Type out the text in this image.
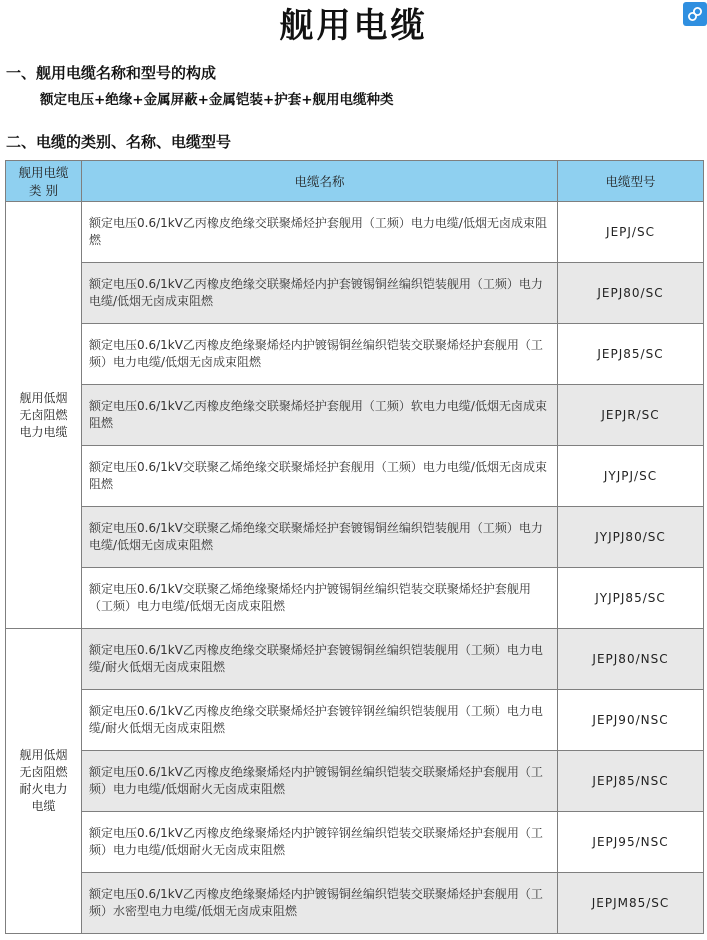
舰用电缆
一、舰用电缆名称和型号的构成
额定电压+绝缘+金属屏蔽+金属铠装+护套+舰用电缆种类
二、电缆的类别、名称、电缆型号
舰用电缆
类 别	电缆名称	电缆型号
舰用低烟
无卤阻燃
电力电缆	额定电压0.6/1kV乙丙橡皮绝缘交联聚烯烃护套舰用（工频）电力电缆/低烟无卤成束阻燃	JEPJ/SC
	额定电压0.6/1kV乙丙橡皮绝缘交联聚烯烃内护套镀锡铜丝编织铠装舰用（工频）电力电缆/低烟无卤成束阻燃	JEPJ80/SC
	额定电压0.6/1kV乙丙橡皮绝缘聚烯烃内护镀锡铜丝编织铠装交联聚烯烃护套舰用（工频）电力电缆/低烟无卤成束阻燃	JEPJ85/SC
	额定电压0.6/1kV乙丙橡皮绝缘交联聚烯烃护套舰用（工频）软电力电缆/低烟无卤成束阻燃	JEPJR/SC
	额定电压0.6/1kV交联聚乙烯绝缘交联聚烯烃护套舰用（工频）电力电缆/低烟无卤成束阻燃	JYJPJ/SC
	额定电压0.6/1kV交联聚乙烯绝缘交联聚烯烃护套镀锡铜丝编织铠装舰用（工频）电力电缆/低烟无卤成束阻燃	JYJPJ80/SC
	额定电压0.6/1kV交联聚乙烯绝缘聚烯烃内护镀锡铜丝编织铠装交联聚烯烃护套舰用（工频）电力电缆/低烟无卤成束阻燃	JYJPJ85/SC
舰用低烟
无卤阻燃
耐火电力
电缆	额定电压0.6/1kV乙丙橡皮绝缘交联聚烯烃护套镀锡铜丝编织铠装舰用（工频）电力电缆/耐火低烟无卤成束阻燃	JEPJ80/NSC
	额定电压0.6/1kV乙丙橡皮绝缘交联聚烯烃护套镀锌钢丝编织铠装舰用（工频）电力电缆/耐火低烟无卤成束阻燃	JEPJ90/NSC
	额定电压0.6/1kV乙丙橡皮绝缘聚烯烃内护镀锡铜丝编织铠装交联聚烯烃护套舰用（工频）电力电缆/低烟耐火无卤成束阻燃	JEPJ85/NSC
	额定电压0.6/1kV乙丙橡皮绝缘聚烯烃内护镀锌钢丝编织铠装交联聚烯烃护套舰用（工频）电力电缆/低烟耐火无卤成束阻燃	JEPJ95/NSC
	额定电压0.6/1kV乙丙橡皮绝缘聚烯烃内护镀锡铜丝编织铠装交联聚烯烃护套舰用（工频）水密型电力电缆/低烟无卤成束阻燃	JEPJM85/SC
